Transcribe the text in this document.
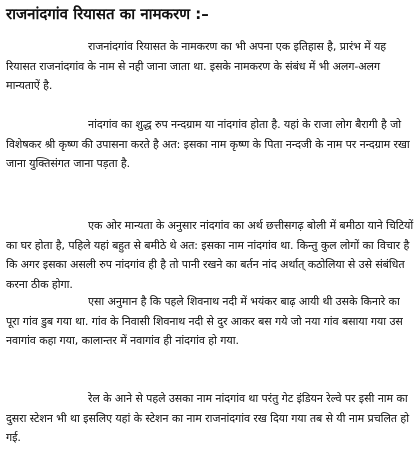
राजनांदगांव रियासत का नामकरण :–

राजनांदगांव रियासत के नामकरण का भी अपना एक इतिहास है, प्रारंभ में यह रियासत राजनांदगांव के नाम से नही जाना जाता था. इसके नामकरण के संबंध में भी अलग-अलग मान्यताऐं है.

नांदगांव का शुद्ध रुप नन्दग्राम या नांदगांव होता है. यहां के राजा लोग बैरागी है जो विशेषकर श्री कृष्ण की उपासना करते है अत: इसका नाम कृष्ण के पिता नन्दजी के नाम पर नन्दग्राम रखा जाना युक्तिसंगत जाना पड़ता है.

एक ओर मान्यता के अनुसार नांदगांव का अर्थ छत्तीसगढ़ बोली में बमीठा याने चिटियों का घर होता है, पहिले यहां बहुत से बमीठे थे अत: इसका नाम नांदगांव था. किन्तु कुल लोगों का विचार है कि अगर इसका असली रुप नांदगांव ही है तो पानी रखने का बर्तन नांद अर्थात् कठोलिया से उसे संबंधित करना ठीक होगा.

एसा अनुमान है कि पहले शिवनाथ नदी में भयंकर बाढ़ आयी थी उसके किनारे का पूरा गांव डुब गया था. गांव के निवासी शिवनाथ नदी से दुर आकर बस गये जो नया गांव बसाया गया उस नवागांव कहा गया, कालान्तर में नवागांव ही नांदगांव हो गया.

रेल के आने से पहले उसका नाम नांदगांव था परंतु गेट इंडियन रेल्वे पर इसी नाम का दुसरा स्टेशन भी था इसलिए यहां के स्टेशन का नाम राजनांदगांव रख दिया गया तब से यी नाम प्रचलित हो गई.
